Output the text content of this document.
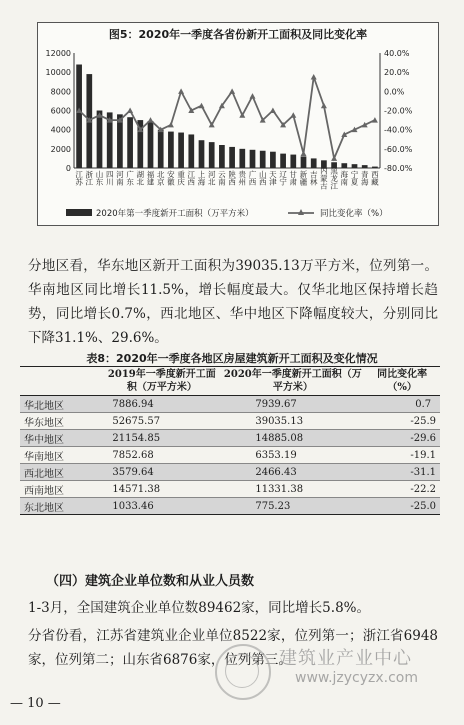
图5：2020年一季度各省份新开工面积及同比变化率
0
2000
4000
6000
8000
10000
12000
-80.0%
-60.0%
-40.0%
-20.0%
0.0%
20.0%
40.0%
江苏 浙江 山东 四川 河南 广东 湖北 福建 北京 安徽 重庆 江西 上海 河北 云南 陕西 贵州 广西 山西 天津 辽宁 甘肃 新疆 吉林 内蒙古 黑龙江 海南 宁夏 青海 西藏
2020年第一季度新开工面积（万平方米）	同比变化率（%）
分地区看，华东地区新开工面积为39035.13万平方米，位列第一。华南地区同比增长11.5%，增长幅度最大。仅华北地区保持增长趋势，同比增长0.7%，西北地区、华中地区下降幅度较大，分别同比下降31.1%、29.6%。
表8：2020年一季度各地区房屋建筑新开工面积及变化情况
	2019年一季度新开工面积（万平方米）	2020年一季度新开工面积（万平方米）	同比变化率（%）
华北地区	7886.94	7939.67	0.7
华东地区	52675.57	39035.13	-25.9
华中地区	21154.85	14885.08	-29.6
华南地区	7852.68	6353.19	-19.1
西北地区	3579.64	2466.43	-31.1
西南地区	14571.38	11331.38	-22.2
东北地区	1033.46	775.23	-25.0
（四）建筑企业单位数和从业人员数
1-3月，全国建筑企业单位数89462家，同比增长5.8%。
分省份看，江苏省建筑业企业单位8522家，位列第一；浙江省6948家，位列第二；山东省6876家，位列第三。
— 10 —
建筑业产业中心
www.jzycyzx.com
